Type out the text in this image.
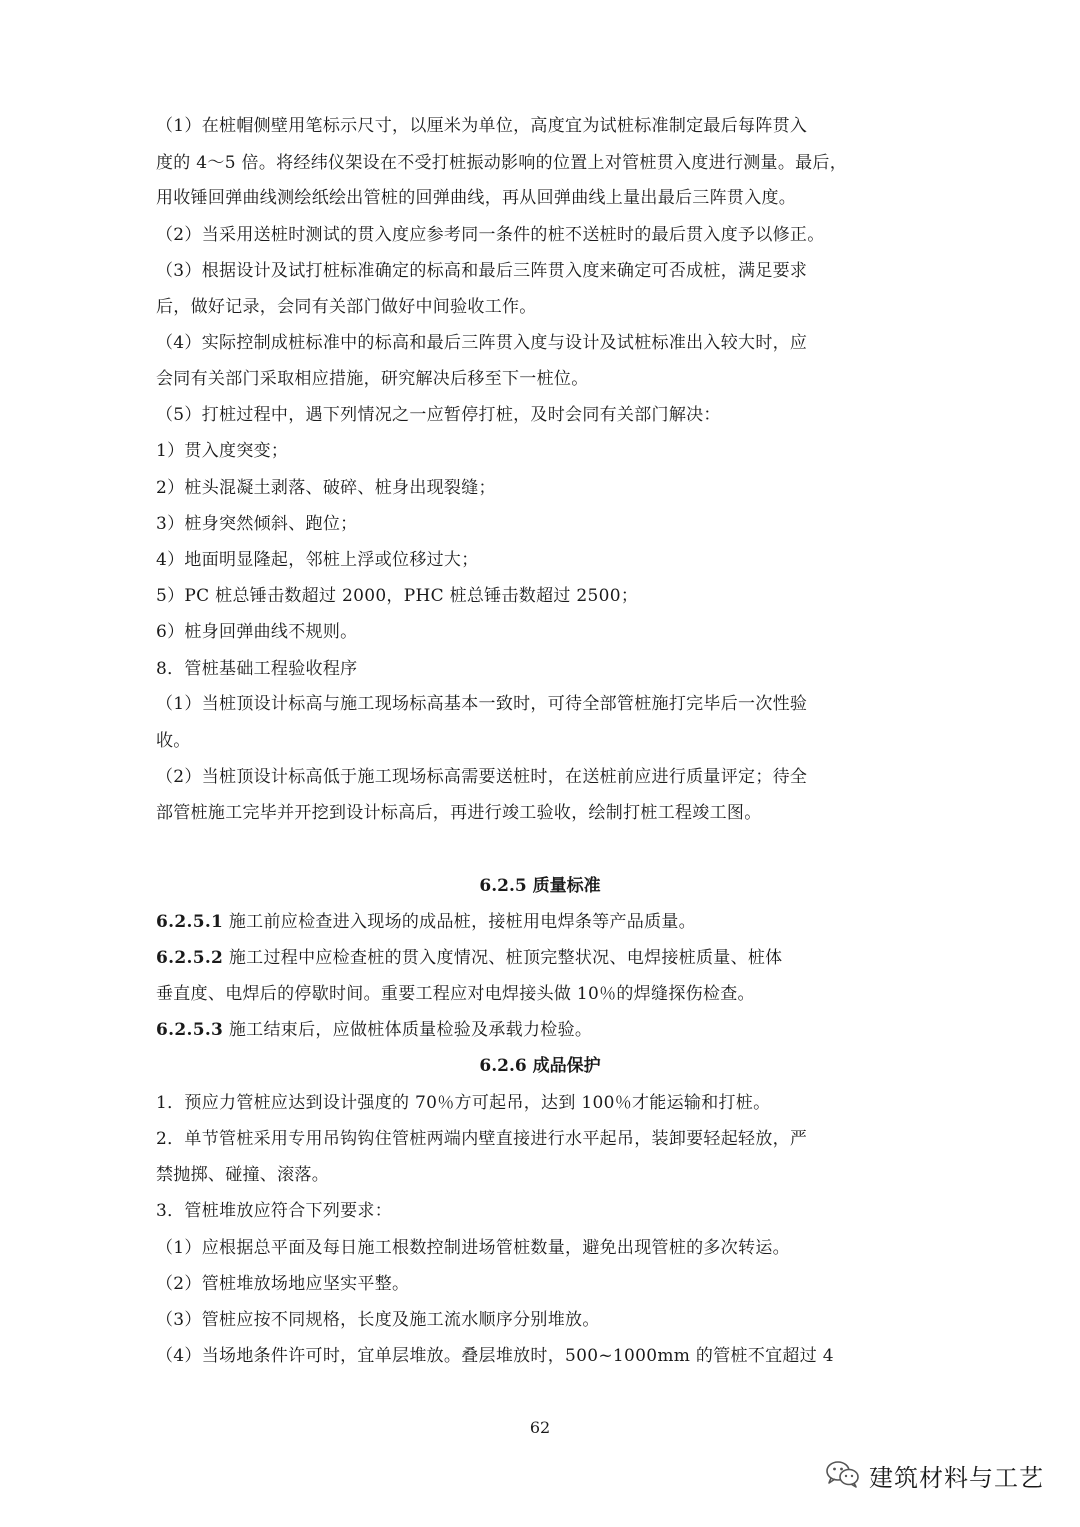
（1）在桩帽侧壁用笔标示尺寸，以厘米为单位，高度宜为试桩标准制定最后每阵贯入
度的 4～5 倍。将经纬仪架设在不受打桩振动影响的位置上对管桩贯入度进行测量。最后，
用收锤回弹曲线测绘纸绘出管桩的回弹曲线，再从回弹曲线上量出最后三阵贯入度。
（2）当采用送桩时测试的贯入度应参考同一条件的桩不送桩时的最后贯入度予以修正。
（3）根据设计及试打桩标准确定的标高和最后三阵贯入度来确定可否成桩，满足要求
后，做好记录，会同有关部门做好中间验收工作。
（4）实际控制成桩标准中的标高和最后三阵贯入度与设计及试桩标准出入较大时，应
会同有关部门采取相应措施，研究解决后移至下一桩位。
（5）打桩过程中，遇下列情况之一应暂停打桩，及时会同有关部门解决：
1）贯入度突变；
2）桩头混凝土剥落、破碎、桩身出现裂缝；
3）桩身突然倾斜、跑位；
4）地面明显隆起，邻桩上浮或位移过大；
5）PC 桩总锤击数超过 2000，PHC 桩总锤击数超过 2500；
6）桩身回弹曲线不规则。
8．管桩基础工程验收程序
（1）当桩顶设计标高与施工现场标高基本一致时，可待全部管桩施打完毕后一次性验
收。
（2）当桩顶设计标高低于施工现场标高需要送桩时，在送桩前应进行质量评定；待全
部管桩施工完毕并开挖到设计标高后，再进行竣工验收，绘制打桩工程竣工图。
6.2.5 质量标准
6.2.5.1 施工前应检查进入现场的成品桩，接桩用电焊条等产品质量。
6.2.5.2 施工过程中应检查桩的贯入度情况、桩顶完整状况、电焊接桩质量、桩体
垂直度、电焊后的停歇时间。重要工程应对电焊接头做 10％的焊缝探伤检查。
6.2.5.3 施工结束后，应做桩体质量检验及承载力检验。
6.2.6 成品保护
1．预应力管桩应达到设计强度的 70％方可起吊，达到 100％才能运输和打桩。
2．单节管桩采用专用吊钩钩住管桩两端内壁直接进行水平起吊，装卸要轻起轻放，严
禁抛掷、碰撞、滚落。
3．管桩堆放应符合下列要求：
（1）应根据总平面及每日施工根数控制进场管桩数量，避免出现管桩的多次转运。
（2）管桩堆放场地应坚实平整。
（3）管桩应按不同规格，长度及施工流水顺序分别堆放。
（4）当场地条件许可时，宜单层堆放。叠层堆放时，500~1000mm 的管桩不宜超过 4
62
建筑材料与工艺
